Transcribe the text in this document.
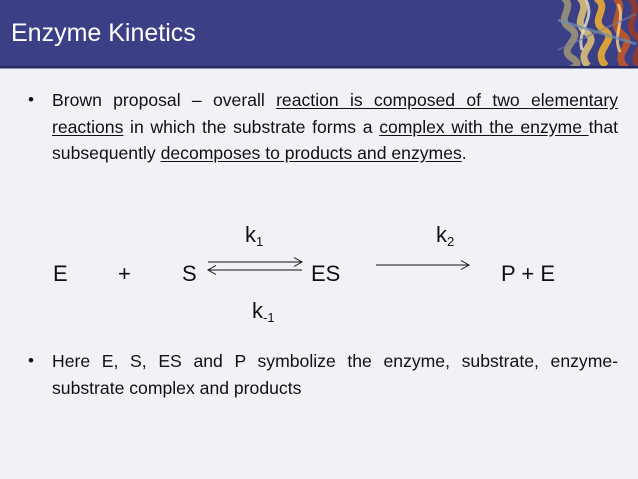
Enzyme Kinetics
• Brown proposal – overall reaction is composed of two elementary reactions in which the substrate forms a complex with the enzyme that subsequently decomposes to products and enzymes.
$k_1$	$k_2$
E + S	ES	P + E
$k_{-1}$
• Here E, S, ES and P symbolize the enzyme, substrate, enzyme-substrate complex and products
